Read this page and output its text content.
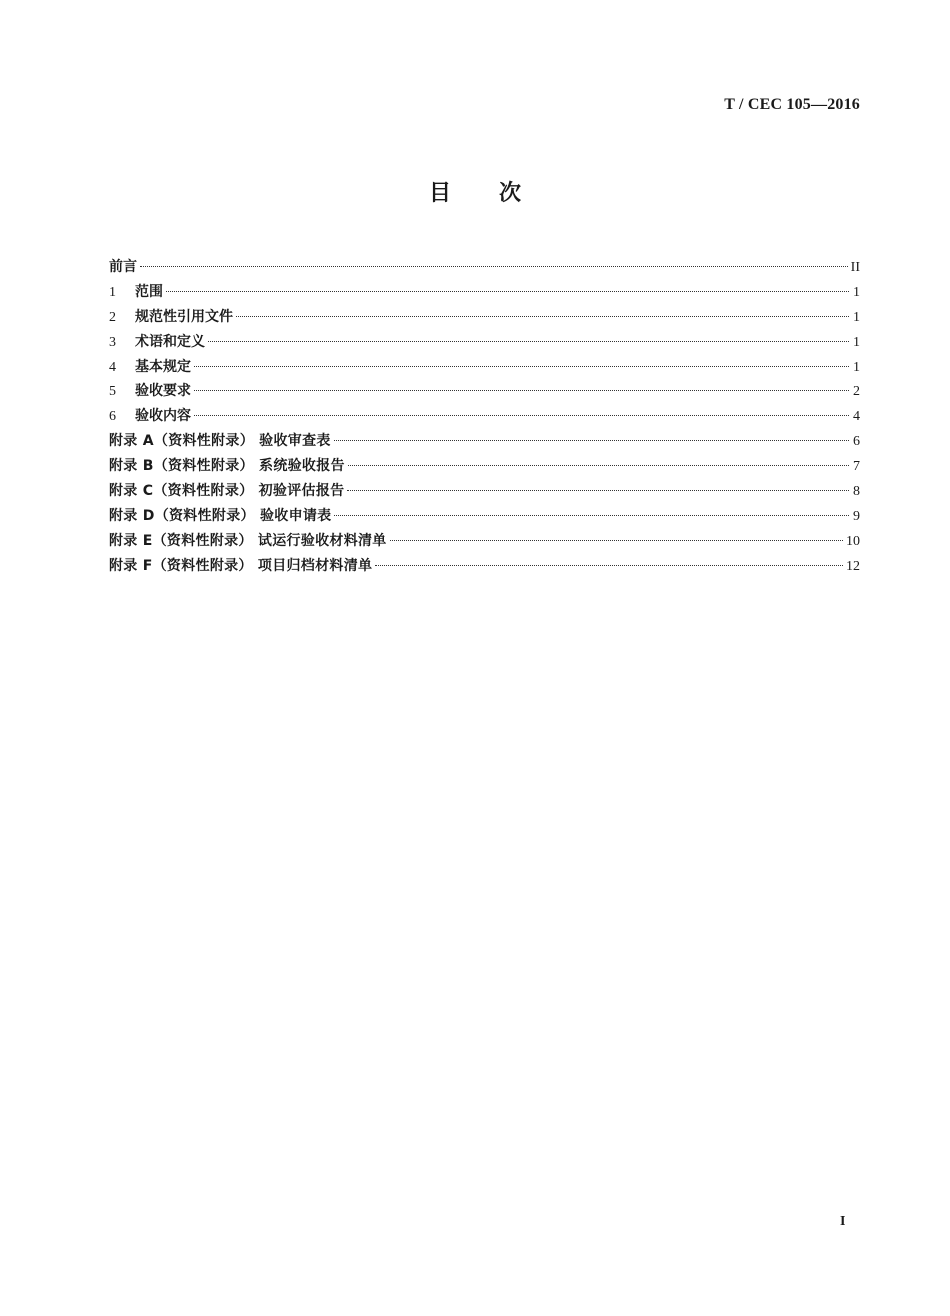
T / CEC 105—2016
目 次
前言	II
1	范围	1
2	规范性引用文件	1
3	术语和定义	1
4	基本规定	1
5	验收要求	2
6	验收内容	4
附录 A（资料性附录） 验收审查表	6
附录 B（资料性附录） 系统验收报告	7
附录 C（资料性附录） 初验评估报告	8
附录 D（资料性附录） 验收申请表	9
附录 E（资料性附录） 试运行验收材料清单	10
附录 F（资料性附录） 项目归档材料清单	12
I
